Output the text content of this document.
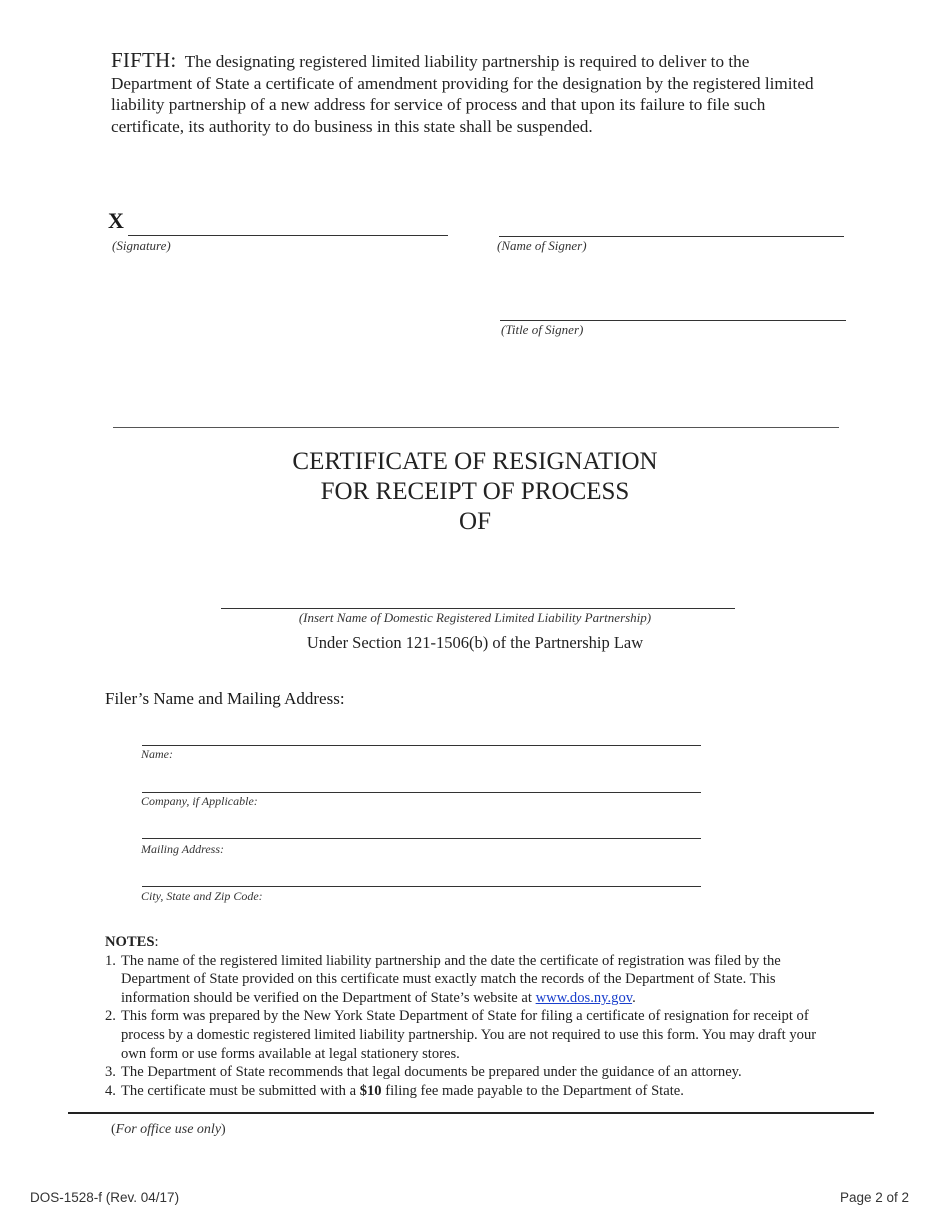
FIFTH: The designating registered limited liability partnership is required to deliver to the Department of State a certificate of amendment providing for the designation by the registered limited liability partnership of a new address for service of process and that upon its failure to file such certificate, its authority to do business in this state shall be suspended.
X
(Signature)	(Name of Signer)
(Title of Signer)
CERTIFICATE OF RESIGNATION
FOR RECEIPT OF PROCESS
OF
(Insert Name of Domestic Registered Limited Liability Partnership)
Under Section 121-1506(b) of the Partnership Law
Filer’s Name and Mailing Address:
Name:
Company, if Applicable:
Mailing Address:
City, State and Zip Code:
NOTES:
1. The name of the registered limited liability partnership and the date the certificate of registration was filed by the Department of State provided on this certificate must exactly match the records of the Department of State. This information should be verified on the Department of State’s website at www.dos.ny.gov.
2. This form was prepared by the New York State Department of State for filing a certificate of resignation for receipt of process by a domestic registered limited liability partnership. You are not required to use this form. You may draft your own form or use forms available at legal stationery stores.
3. The Department of State recommends that legal documents be prepared under the guidance of an attorney.
4. The certificate must be submitted with a $10 filing fee made payable to the Department of State.
(For office use only)
DOS-1528-f (Rev. 04/17)	Page 2 of 2
